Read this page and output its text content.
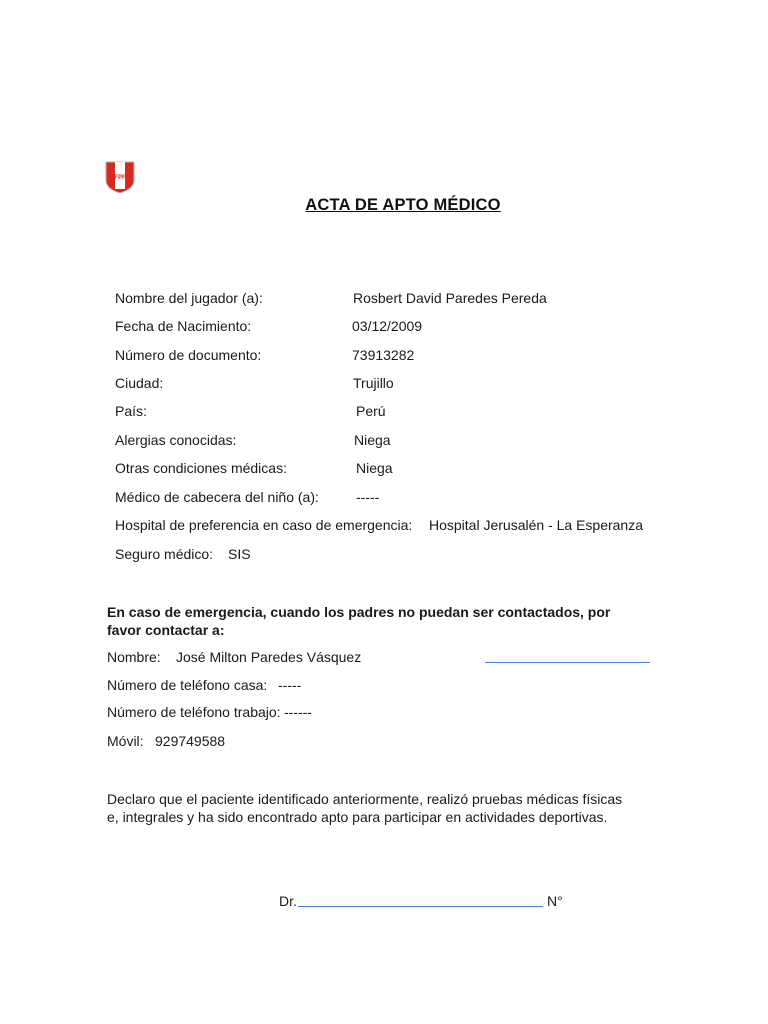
FPF
ACTA DE APTO MÉDICO
Nombre del jugador (a):	Rosbert David Paredes Pereda
Fecha de Nacimiento:	03/12/2009
Número de documento:	73913282
Ciudad:	Trujillo
País:	Perú
Alergias conocidas:	Niega
Otras condiciones médicas:	Niega
Médico de cabecera del niño (a):	-----
Hospital de preferencia en caso de emergencia: Hospital Jerusalén - La Esperanza
Seguro médico: SIS
En caso de emergencia, cuando los padres no puedan ser contactados, por favor contactar a:
Nombre: José Milton Paredes Vásquez
Número de teléfono casa: -----
Número de teléfono trabajo: ------
Móvil: 929749588
Declaro que el paciente identificado anteriormente, realizó pruebas médicas físicas e, integrales y ha sido encontrado apto para participar en actividades deportivas.
Dr.	N°
